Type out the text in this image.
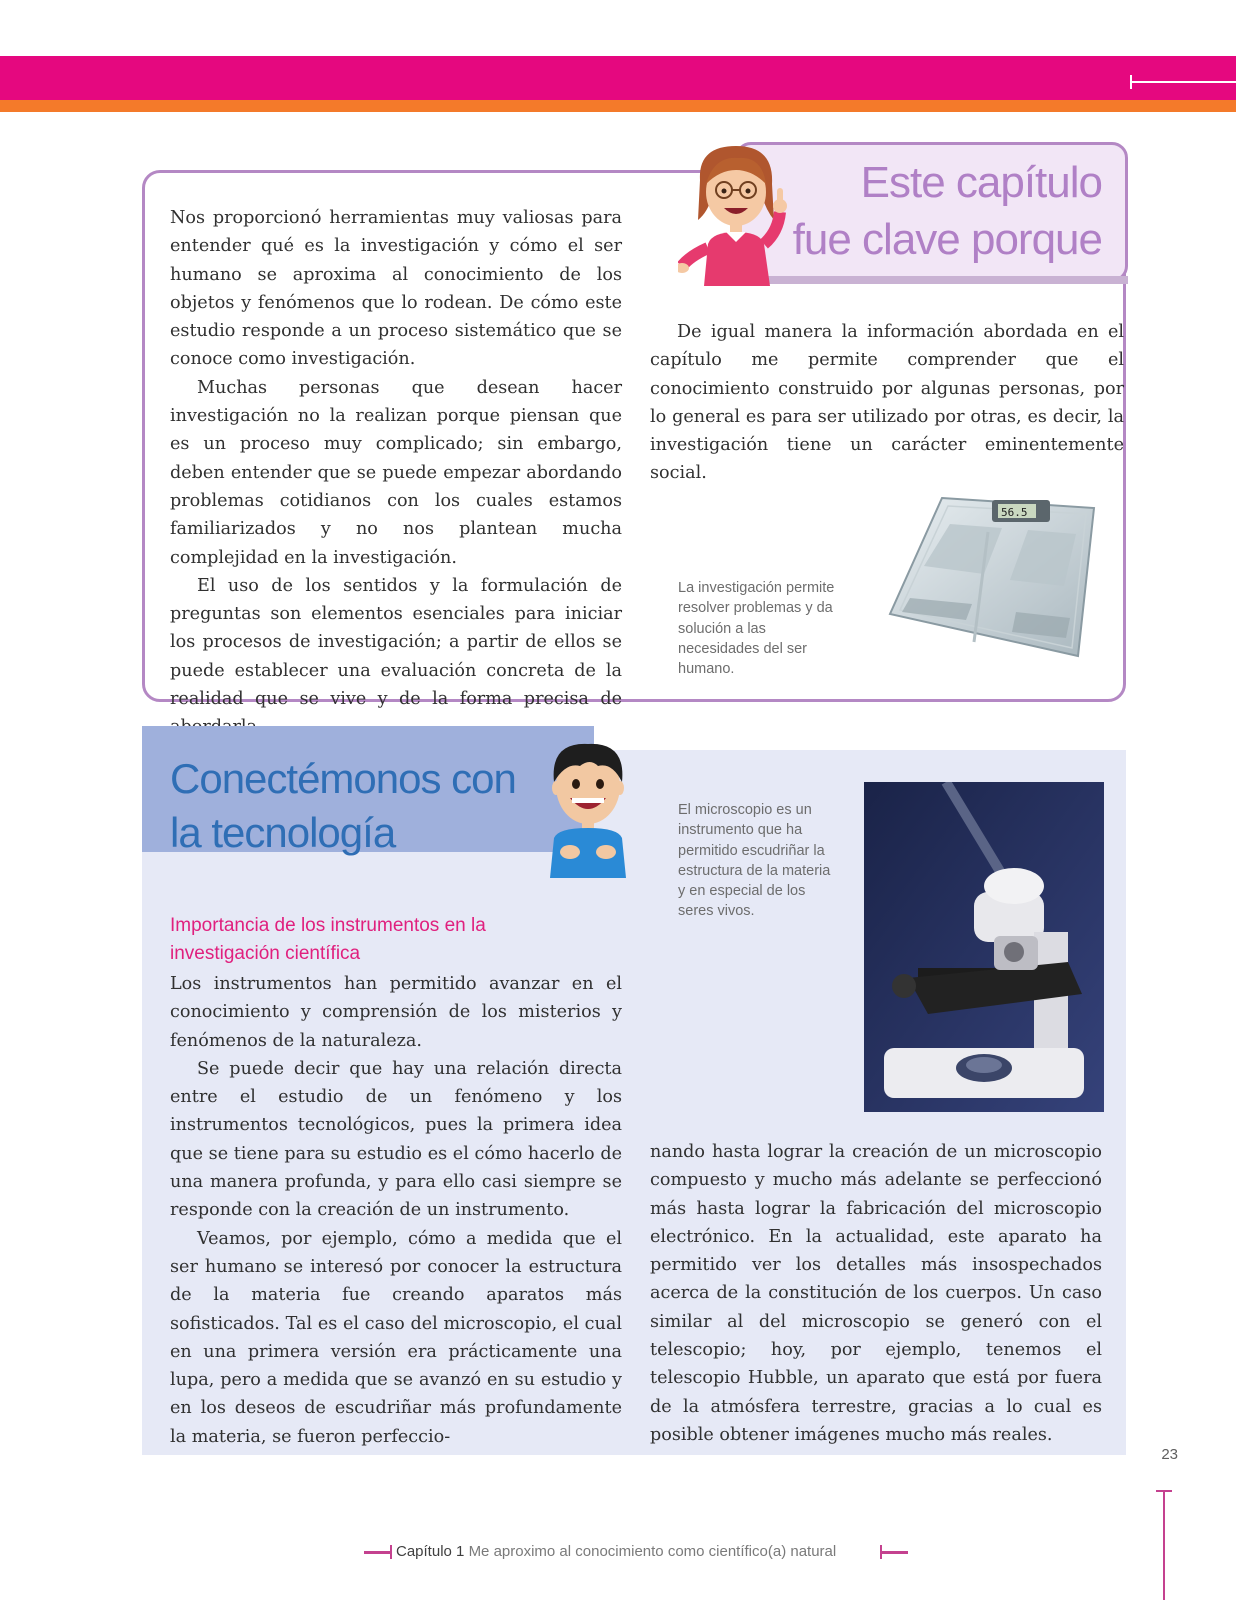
Este capítulo
fue clave porque

Nos proporcionó herramientas muy valiosas para entender qué es la investigación y cómo el ser humano se aproxima al conocimiento de los objetos y fenómenos que lo rodean. De cómo este estudio responde a un proceso sistemático que se conoce como investigación.

Muchas personas que desean hacer investigación no la realizan porque piensan que es un proceso muy complicado; sin embargo, deben entender que se puede empezar abordando problemas cotidianos con los cuales estamos familiarizados y no nos plantean mucha complejidad en la investigación.

El uso de los sentidos y la formulación de preguntas son elementos esenciales para iniciar los procesos de investigación; a partir de ellos se puede establecer una evaluación concreta de la realidad que se vive y de la forma precisa de

De igual manera la información abordada en el capítulo me permite comprender que el conocimiento construido por algunas personas, por lo general es para ser utilizado por otras, es decir, la investigación tiene un carácter eminentemente social.

La investigación permite resolver problemas y da solución a las necesidades del ser humano.
56.5
Conectémonos con
la tecnología
Importancia de los instrumentos en la
investigación científica

Los instrumentos han permitido avanzar en el conocimiento y comprensión de los misterios y fenómenos de la naturaleza.

Se puede decir que hay una relación directa entre el estudio de un fenómeno y los instrumentos tecnológicos, pues la primera idea que se tiene para su estudio es el cómo hacerlo de una manera profunda, y para ello casi siempre se responde con la creación de un instrumento.

Veamos, por ejemplo, cómo a medida que el ser humano se interesó por conocer la estructura de la materia fue creando aparatos más sofisticados. Tal es el caso del microscopio, el cual en una primera versión era prácticamente una lupa, pero a medida que se avanzó en su estudio y en los deseos de escudriñar más profundamente la materia, se fueron perfeccio-

El microscopio es un instrumento que ha permitido escudriñar la estructura de la materia y en especial de los seres vivos.

nando hasta lograr la creación de un microscopio compuesto y mucho más adelante se perfeccionó más hasta lograr la fabricación del microscopio electrónico. En la actualidad, este aparato ha permitido ver los detalles más insospechados acerca de la constitución de los cuerpos. Un caso similar al del microscopio se generó con el telescopio; hoy, por ejemplo, tenemos el telescopio Hubble, un aparato que está por fuera de la atmósfera terrestre, gracias a lo cual es posible obtener imágenes mucho más reales.

23
Capítulo 1 Me aproximo al conocimiento como científico(a) natural
